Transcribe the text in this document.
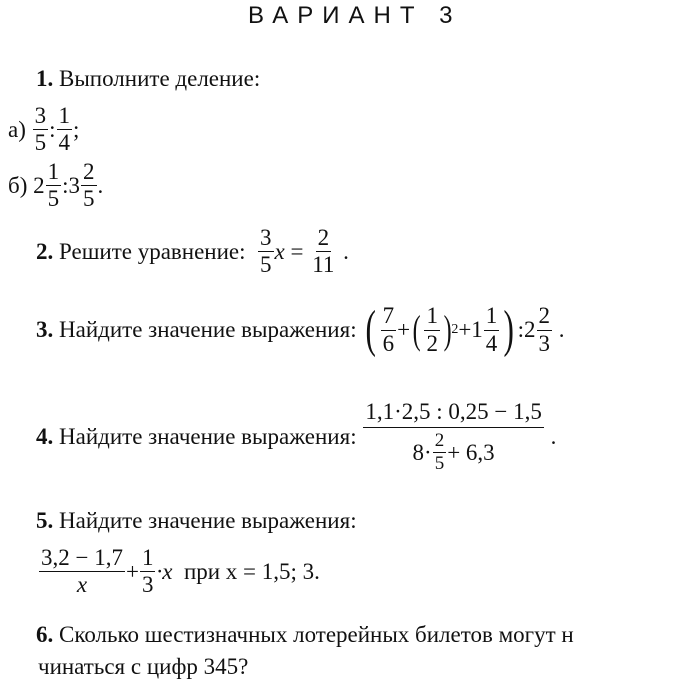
ВАРИАНТ 3
1. Выполните деление:
а)
$\frac{3}{5}$ : $\frac{1}{4}$ ;
б)
$2 \frac{1}{5}$ : $3 \frac{2}{5}$ .
2.
Решите уравнение:
$\frac{3}{5}$ x
=
$\frac{2}{11}$
.
3.
Найдите значение выражения:
( $\frac{7}{6}$ + ( $\frac{1}{2}$ ) $2 + 1 \frac{1}{4}$ ) : $2 \frac{2}{3}$
.
4.
Найдите значение выражения:
$\frac{1,1\cdot 2,5 : 0,25 - 1,5}{8\cdot \frac{2}{5} + 6,3}$
.
5. Найдите значение выражения:
$\frac{3,2 - 1,7}{x} + \frac{1}{3} \cdot x$
при x = 1,5; 3.
6. Сколько шестизначных лотерейных билетов могут н
чинаться с цифр 345?
